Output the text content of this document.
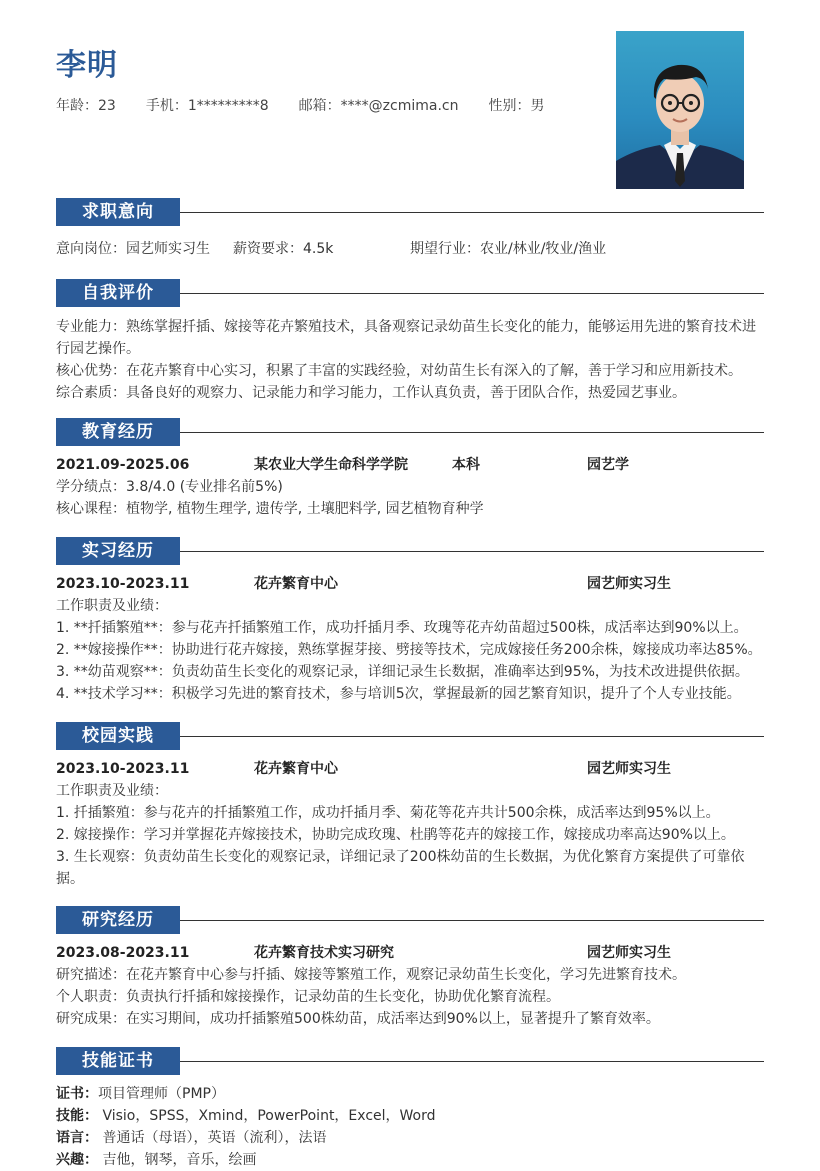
李明
年龄：23 手机：1*********8 邮箱：****@zcmima.cn 性别：男
求职意向
意向岗位：园艺师实习生 薪资要求：4.5k	期望行业：农业/林业/牧业/渔业
自我评价
专业能力：熟练掌握扦插、嫁接等花卉繁殖技术，具备观察记录幼苗生长变化的能力，能够运用先进的繁育技术进行园艺操作。
核心优势：在花卉繁育中心实习，积累了丰富的实践经验，对幼苗生长有深入的了解，善于学习和应用新技术。
综合素质：具备良好的观察力、记录能力和学习能力，工作认真负责，善于团队合作，热爱园艺事业。
教育经历
2021.09-2025.06	某农业大学生命科学学院	本科	园艺学
学分绩点：3.8/4.0 (专业排名前5%)
核心课程：植物学, 植物生理学, 遗传学, 土壤肥料学, 园艺植物育种学
实习经历
2023.10-2023.11	花卉繁育中心	园艺师实习生
工作职责及业绩：
1. **扦插繁殖**：参与花卉扦插繁殖工作，成功扦插月季、玫瑰等花卉幼苗超过500株，成活率达到90%以上。
2. **嫁接操作**：协助进行花卉嫁接，熟练掌握芽接、劈接等技术，完成嫁接任务200余株，嫁接成功率达85%。
3. **幼苗观察**：负责幼苗生长变化的观察记录，详细记录生长数据，准确率达到95%，为技术改进提供依据。
4. **技术学习**：积极学习先进的繁育技术，参与培训5次，掌握最新的园艺繁育知识，提升了个人专业技能。
校园实践
2023.10-2023.11	花卉繁育中心	园艺师实习生
工作职责及业绩：
1. 扦插繁殖：参与花卉的扦插繁殖工作，成功扦插月季、菊花等花卉共计500余株，成活率达到95%以上。
2. 嫁接操作：学习并掌握花卉嫁接技术，协助完成玫瑰、杜鹃等花卉的嫁接工作，嫁接成功率高达90%以上。
3. 生长观察：负责幼苗生长变化的观察记录，详细记录了200株幼苗的生长数据，为优化繁育方案提供了可靠依据。
研究经历
2023.08-2023.11	花卉繁育技术实习研究	园艺师实习生
研究描述：在花卉繁育中心参与扦插、嫁接等繁殖工作，观察记录幼苗生长变化，学习先进繁育技术。
个人职责：负责执行扦插和嫁接操作，记录幼苗的生长变化，协助优化繁育流程。
研究成果：在实习期间，成功扦插繁殖500株幼苗，成活率达到90%以上，显著提升了繁育效率。
技能证书
证书：项目管理师（PMP）
技能： Visio，SPSS，Xmind，PowerPoint，Excel，Word
语言： 普通话（母语），英语（流利），法语
兴趣： 吉他，钢琴，音乐，绘画
